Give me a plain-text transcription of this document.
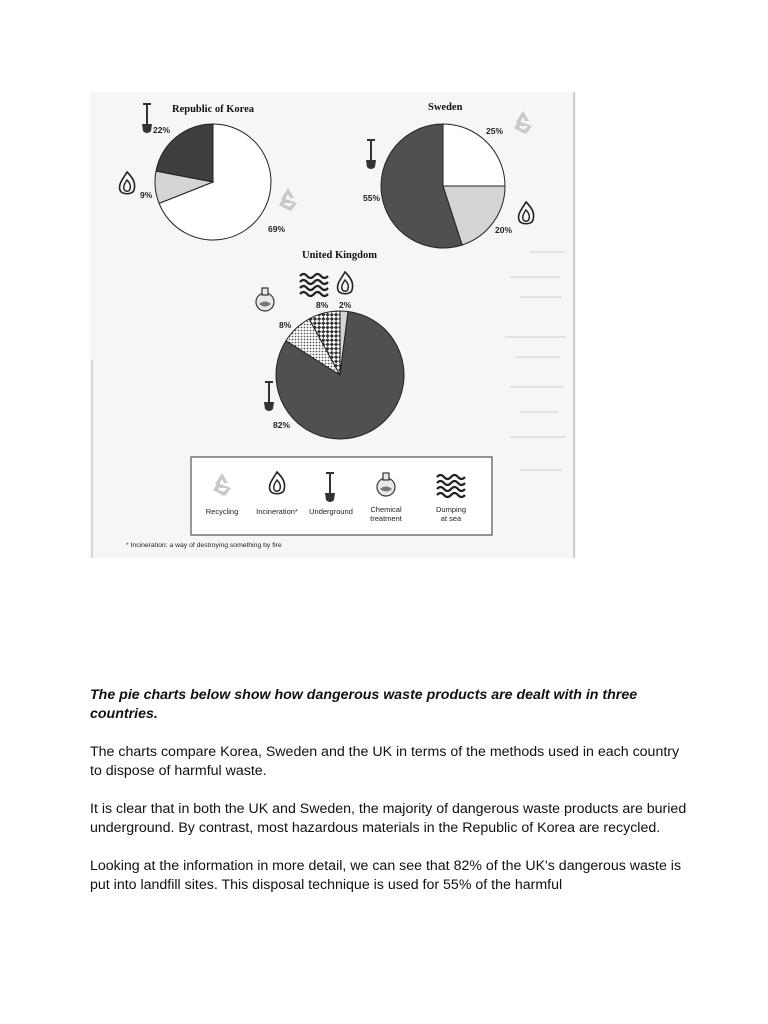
Republic of Korea
22%
9%
69%
Sweden
25%
20%
55%
United Kingdom
8% 2%
8%
82%
Recycling Incineration* Underground Chemical treatment
Dumping at sea
* Incineration: a way of destroying something by fire

The pie charts below show how dangerous waste products are dealt with in three countries.

The charts compare Korea, Sweden and the UK in terms of the methods used in each country to dispose of harmful waste.

It is clear that in both the UK and Sweden, the majority of dangerous waste products are buried underground. By contrast, most hazardous materials in the Republic of Korea are recycled.

Looking at the information in more detail, we can see that 82% of the UK's dangerous waste is put into landfill sites. This disposal technique is used for 55% of the harmful
